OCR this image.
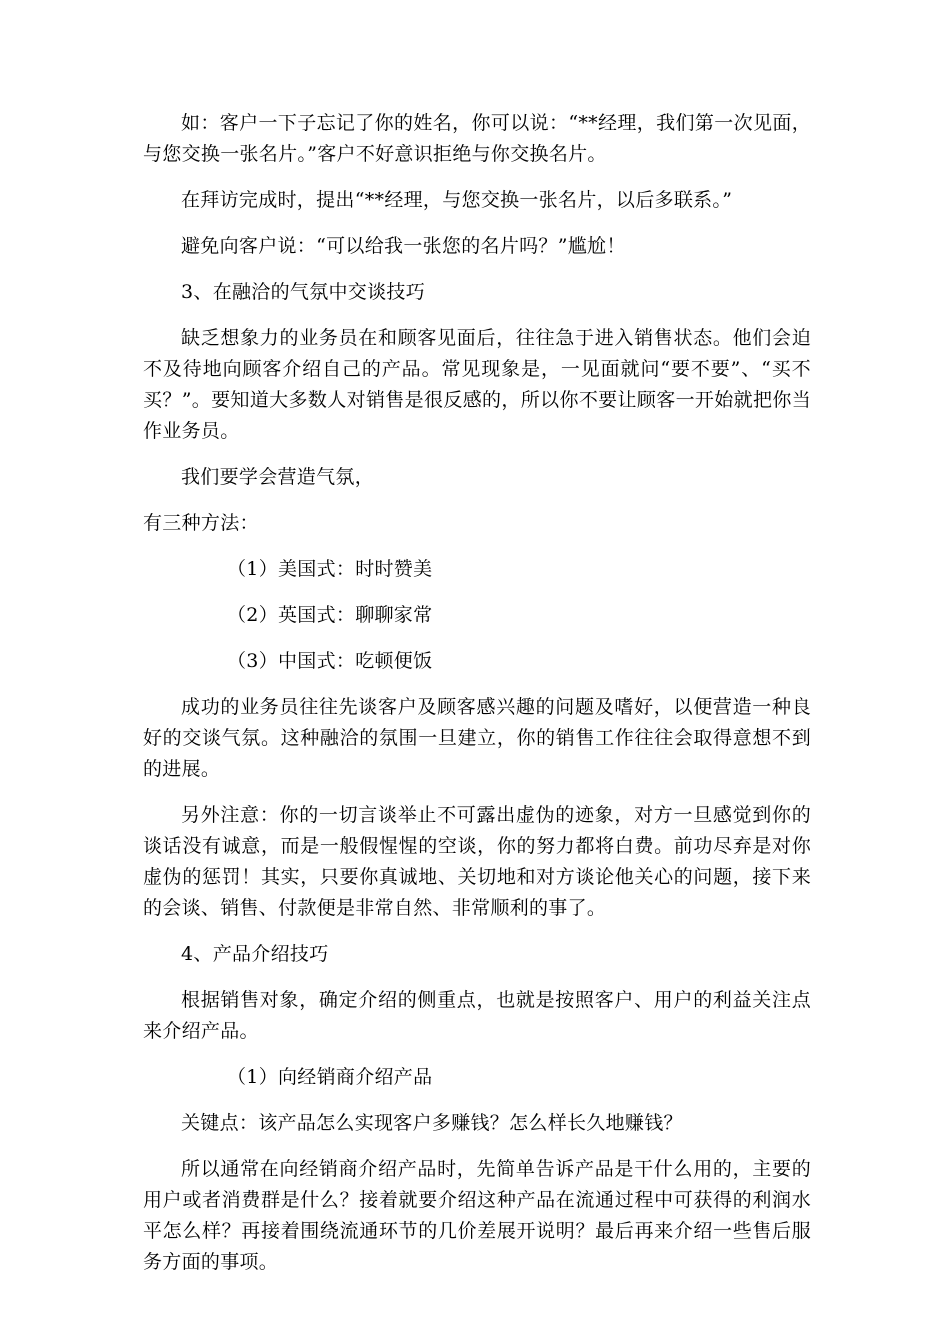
如：客户一下子忘记了你的姓名，你可以说：“**经理，我们第一次见面，与您交换一张名片。”客户不好意识拒绝与你交换名片。

在拜访完成时，提出“**经理，与您交换一张名片，以后多联系。”

避免向客户说：“可以给我一张您的名片吗？”尴尬！

3、在融洽的气氛中交谈技巧

缺乏想象力的业务员在和顾客见面后，往往急于进入销售状态。他们会迫不及待地向顾客介绍自己的产品。常见现象是，一见面就问“要不要”、“买不买？”。要知道大多数人对销售是很反感的，所以你不要让顾客一开始就把你当作业务员。

我们要学会营造气氛，

有三种方法：

（1）美国式：时时赞美

（2）英国式：聊聊家常

（3）中国式：吃顿便饭

成功的业务员往往先谈客户及顾客感兴趣的问题及嗜好，以便营造一种良好的交谈气氛。这种融洽的氛围一旦建立，你的销售工作往往会取得意想不到的进展。

另外注意：你的一切言谈举止不可露出虚伪的迹象，对方一旦感觉到你的谈话没有诚意，而是一般假惺惺的空谈，你的努力都将白费。前功尽弃是对你虚伪的惩罚！其实，只要你真诚地、关切地和对方谈论他关心的问题，接下来的会谈、销售、付款便是非常自然、非常顺利的事了。

4、产品介绍技巧

根据销售对象，确定介绍的侧重点，也就是按照客户、用户的利益关注点来介绍产品。

（1）向经销商介绍产品

关键点：该产品怎么实现客户多赚钱？怎么样长久地赚钱？

所以通常在向经销商介绍产品时，先简单告诉产品是干什么用的，主要的用户或者消费群是什么？接着就要介绍这种产品在流通过程中可获得的利润水平怎么样？再接着围绕流通环节的几价差展开说明？最后再来介绍一些售后服务方面的事项。
